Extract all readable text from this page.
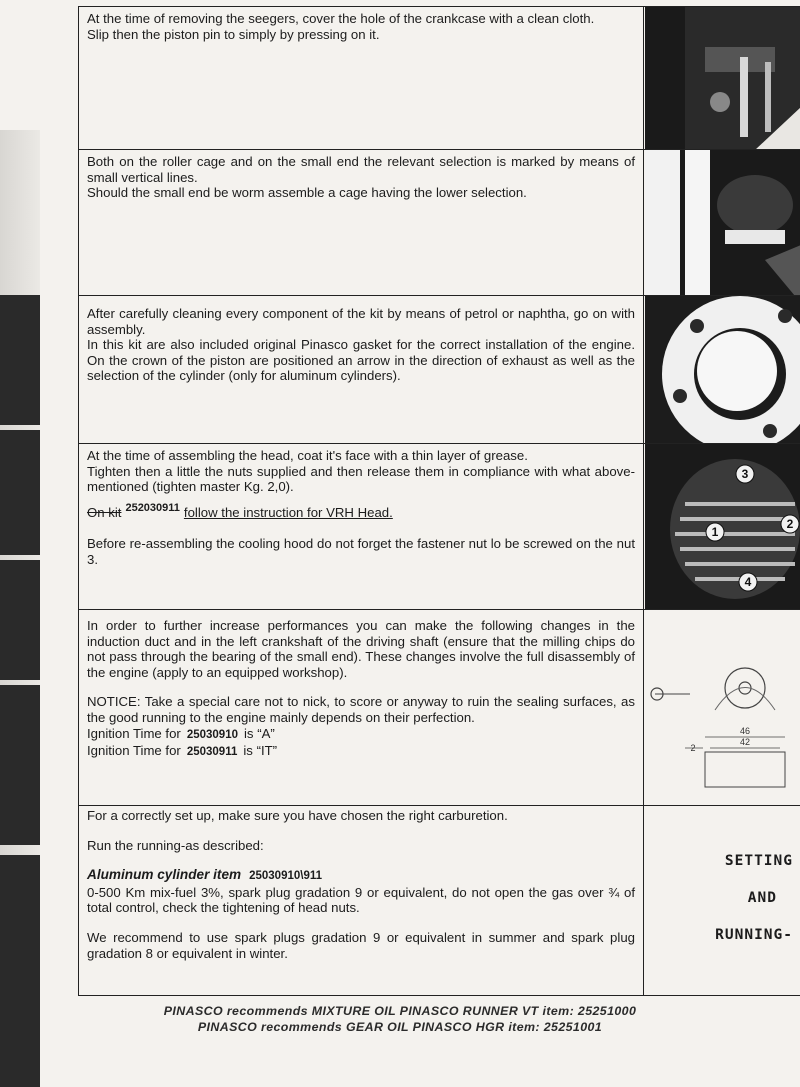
At the time of removing the seegers, cover the hole of the crankcase with a clean cloth.

Slip then the piston pin to simply by pressing on it.

Both on the roller cage and on the small end the relevant selection is marked by means of small vertical lines.

Should the small end be worm assemble a cage having the lower selection.

After carefully cleaning every component of the kit by means of petrol or naphtha, go on with assembly.

In this kit are also included original Pinasco gasket for the correct installation of the engine. On the crown of the piston are positioned an arrow in the direction of exhaust as well as the selection of the cylinder (only for aluminum cylinders).

At the time of assembling the head, coat it's face with a thin layer of grease.

Tighten then a little the nuts supplied and then release them in compliance with what above-mentioned (tighten master Kg. 2,0).

On kit $^{252030911}$ follow the instruction for VRH Head.

Before re-assembling the cooling hood do not forget the fastener nut lo be screwed on the nut 3.

3
1
2
4

In order to further increase performances you can make the following changes in the induction duct and in the left crankshaft of the driving shaft (ensure that the milling chips do not pass through the bearing of the small end). These changes involve the full disassembly of the engine (apply to an equipped workshop).

NOTICE: Take a special care not to nick, to score or anyway to ruin the sealing surfaces, as the good running to the engine mainly depends on their perfection.

Ignition Time for 25030910 is “A”
Ignition Time for 25030911 is “IT”
46
42
2

For a correctly set up, make sure you have chosen the right carburetion.

Run the running-as described:

Aluminum cylinder item 25030910\911

0-500 Km mix-fuel 3%, spark plug gradation 9 or equivalent, do not open the gas over ¾ of total control, check the tightening of head nuts.

We recommend to use spark plugs gradation 9 or equivalent in summer and spark plug gradation 8 or equivalent in winter.

SETTING
AND
RUNNING-
PINASCO recommends MIXTURE OIL PINASCO RUNNER VT item: 25251000
PINASCO recommends GEAR OIL PINASCO HGR item: 25251001
